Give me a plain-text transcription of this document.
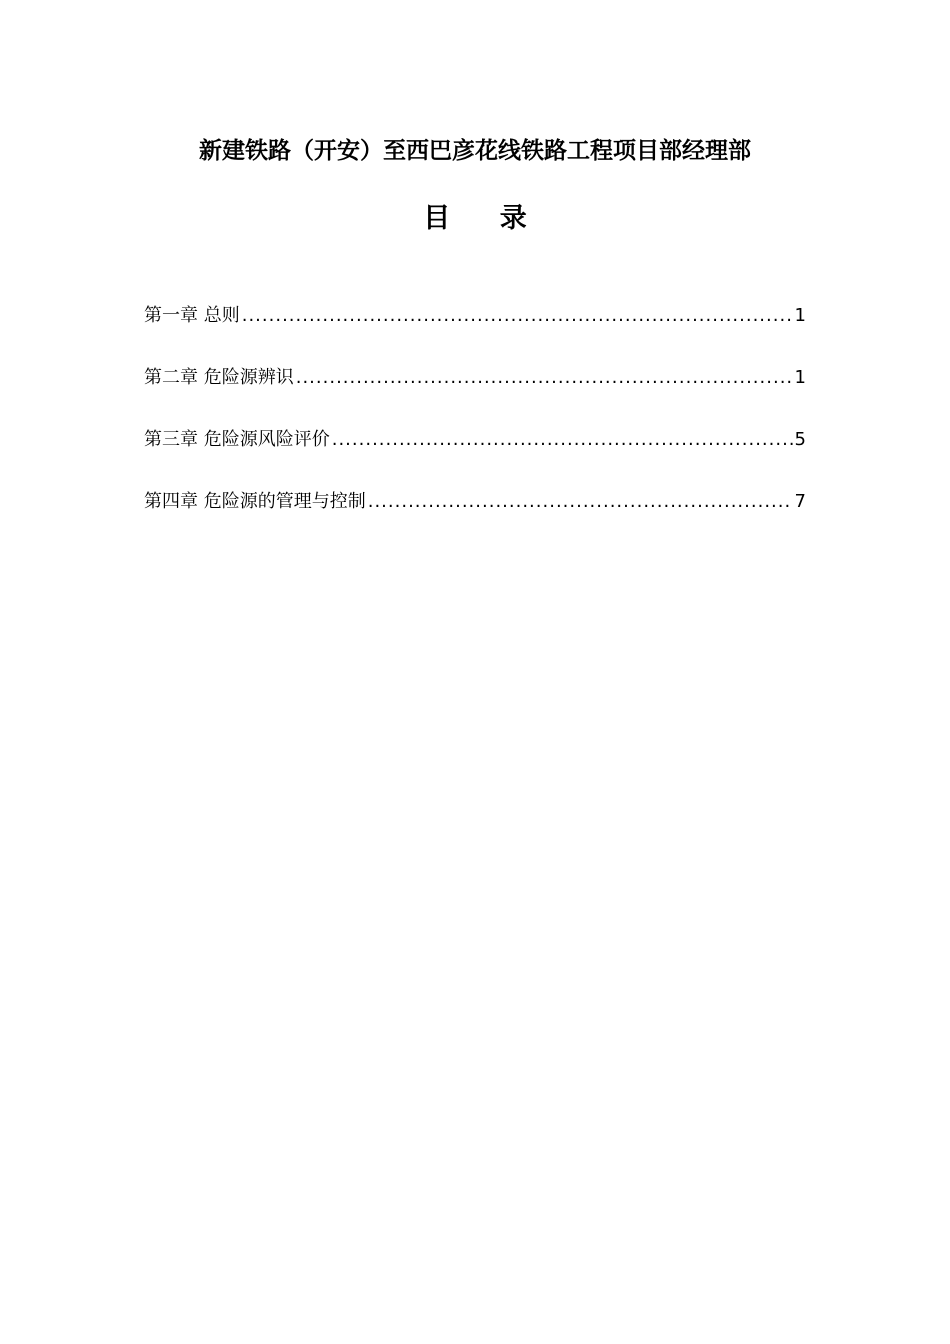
新建铁路（开安）至西巴彦花线铁路工程项目部经理部
目 录
第一章 总则 .....	1
第二章 危险源辨识 .....	1
第三章 危险源风险评价 .....	5
第四章 危险源的管理与控制 .....	7
